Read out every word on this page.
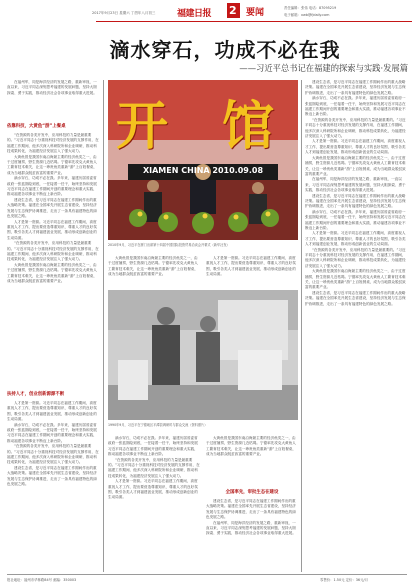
2017年9月23日 星期六 丁酉年八月初三 福建日报 2 要闻	责任编辑：张伟 电话：87095219
电子邮箱：xwb@fjdaily.com
滴水穿石，功成不必在我
——习近平总书记在福建的探索与实践·发展篇

在福州军，同是海洋经济的发展之路，重新审视，一直以来，习近平同志深刻思考福建的发展问题，坚持大胆探索、勇于实践，推动经济社会各项事业取得重大进展。

依靠科技，大黄鱼“游”上餐桌

“在资源的各类开发中，应用科技的力量是最重要的。”习近平同志十分重视科技对经济发展的支撑作用，在福建工作期间，他多次深入科研院所和企业调研，推动科技成果转化，为福建经济发展注入了强大动力。

大黄鱼曾是我国东南沿海最主要的经济鱼类之一，由于过度捕捞，野生资源几近枯竭。宁德率先攻克大黄鱼人工繁育技术难关，让这一珍贵鱼类重新“游”上百姓餐桌，成为当地群众脱贫致富的重要产业。

滴水穿石，功成不必在我。多年来，福建历届省委省政府一张蓝图绘到底，一任接着一任干，始终坚持和发展习近平同志在福建工作期间开创的重要理念和重大实践，推动福建各项事业不断迈上新台阶。

建设生态省，是习近平同志在福建工作期间作出的重大战略决策。福建在全国率先开展生态省建设，坚持经济发展与生态保护协调推进，走出了一条具有福建特色的绿色发展之路。

人才是第一资源。习近平同志在福建工作期间，高度重视人才工作，提出要营造尊重知识、尊重人才的良好氛围，吸引各类人才到福建创业发展，推动形成创新创业的生动局面。

“在资源的各类开发中，应用科技的力量是最重要的。”习近平同志十分重视科技对经济发展的支撑作用，在福建工作期间，他多次深入科研院所和企业调研，推动科技成果转化，为福建经济发展注入了强大动力。

大黄鱼曾是我国东南沿海最主要的经济鱼类之一，由于过度捕捞，野生资源几近枯竭。宁德率先攻克大黄鱼人工繁育技术难关，让这一珍贵鱼类重新“游”上百姓餐桌，成为当地群众脱贫致富的重要产业。

扶持人才，创业创新源源不断

人才是第一资源。习近平同志在福建工作期间，高度重视人才工作，提出要营造尊重知识、尊重人才的良好氛围，吸引各类人才到福建创业发展，推动形成创新创业的生动局面。

滴水穿石，功成不必在我。多年来，福建历届省委省政府一张蓝图绘到底，一任接着一任干，始终坚持和发展习近平同志在福建工作期间开创的重要理念和重大实践，推动福建各项事业不断迈上新台阶。

“在资源的各类开发中，应用科技的力量是最重要的。”习近平同志十分重视科技对经济发展的支撑作用，在福建工作期间，他多次深入科研院所和企业调研，推动科技成果转化，为福建经济发展注入了强大动力。

建设生态省，是习近平同志在福建工作期间作出的重大战略决策。福建在全国率先开展生态省建设，坚持经济发展与生态保护协调推进，走出了一条具有福建特色的绿色发展之路。

开 馆
XIAMEN CHINA 2010.09.08
2010年9月，习近平在厦门出席第十四届中国国际投资贸易洽谈会开幕式（新华社发）

建设生态省，是习近平同志在福建工作期间作出的重大战略决策。福建在全国率先开展生态省建设，坚持经济发展与生态保护协调推进，走出了一条具有福建特色的绿色发展之路。

滴水穿石，功成不必在我。多年来，福建历届省委省政府一张蓝图绘到底，一任接着一任干，始终坚持和发展习近平同志在福建工作期间开创的重要理念和重大实践，推动福建各项事业不断迈上新台阶。

“在资源的各类开发中，应用科技的力量是最重要的。”习近平同志十分重视科技对经济发展的支撑作用，在福建工作期间，他多次深入科研院所和企业调研，推动科技成果转化，为福建经济发展注入了强大动力。

人才是第一资源。习近平同志在福建工作期间，高度重视人才工作，提出要营造尊重知识、尊重人才的良好氛围，吸引各类人才到福建创业发展，推动形成创新创业的生动局面。

大黄鱼曾是我国东南沿海最主要的经济鱼类之一，由于过度捕捞，野生资源几近枯竭。宁德率先攻克大黄鱼人工繁育技术难关，让这一珍贵鱼类重新“游”上百姓餐桌，成为当地群众脱贫致富的重要产业。

在福州军，同是海洋经济的发展之路，重新审视，一直以来，习近平同志深刻思考福建的发展问题，坚持大胆探索、勇于实践，推动经济社会各项事业取得重大进展。

建设生态省，是习近平同志在福建工作期间作出的重大战略决策。福建在全国率先开展生态省建设，坚持经济发展与生态保护协调推进，走出了一条具有福建特色的绿色发展之路。

滴水穿石，功成不必在我。多年来，福建历届省委省政府一张蓝图绘到底，一任接着一任干，始终坚持和发展习近平同志在福建工作期间开创的重要理念和重大实践，推动福建各项事业不断迈上新台阶。

人才是第一资源。习近平同志在福建工作期间，高度重视人才工作，提出要营造尊重知识、尊重人才的良好氛围，吸引各类人才到福建创业发展，推动形成创新创业的生动局面。

“在资源的各类开发中，应用科技的力量是最重要的。”习近平同志十分重视科技对经济发展的支撑作用，在福建工作期间，他多次深入科研院所和企业调研，推动科技成果转化，为福建经济发展注入了强大动力。

大黄鱼曾是我国东南沿海最主要的经济鱼类之一，由于过度捕捞，野生资源几近枯竭。宁德率先攻克大黄鱼人工繁育技术难关，让这一珍贵鱼类重新“游”上百姓餐桌，成为当地群众脱贫致富的重要产业。

建设生态省，是习近平同志在福建工作期间作出的重大战略决策。福建在全国率先开展生态省建设，坚持经济发展与生态保护协调推进，走出了一条具有福建特色的绿色发展之路。

大黄鱼曾是我国东南沿海最主要的经济鱼类之一，由于过度捕捞，野生资源几近枯竭。宁德率先攻克大黄鱼人工繁育技术难关，让这一珍贵鱼类重新“游”上百姓餐桌，成为当地群众脱贫致富的重要产业。

人才是第一资源。习近平同志在福建工作期间，高度重视人才工作，提出要营造尊重知识、尊重人才的良好氛围，吸引各类人才到福建创业发展，推动形成创新创业的生动局面。

1990年9月，习近平在宁德地区平潭县调研时与群众交流（资料照片）

滴水穿石，功成不必在我。多年来，福建历届省委省政府一张蓝图绘到底，一任接着一任干，始终坚持和发展习近平同志在福建工作期间开创的重要理念和重大实践，推动福建各项事业不断迈上新台阶。

“在资源的各类开发中，应用科技的力量是最重要的。”习近平同志十分重视科技对经济发展的支撑作用，在福建工作期间，他多次深入科研院所和企业调研，推动科技成果转化，为福建经济发展注入了强大动力。

人才是第一资源。习近平同志在福建工作期间，高度重视人才工作，提出要营造尊重知识、尊重人才的良好氛围，吸引各类人才到福建创业发展，推动形成创新创业的生动局面。

大黄鱼曾是我国东南沿海最主要的经济鱼类之一，由于过度捕捞，野生资源几近枯竭。宁德率先攻克大黄鱼人工繁育技术难关，让这一珍贵鱼类重新“游”上百姓餐桌，成为当地群众脱贫致富的重要产业。

全国率先，审批生态在建设

建设生态省，是习近平同志在福建工作期间作出的重大战略决策。福建在全国率先开展生态省建设，坚持经济发展与生态保护协调推进，走出了一条具有福建特色的绿色发展之路。

在福州军，同是海洋经济的发展之路，重新审视，一直以来，习近平同志深刻思考福建的发展问题，坚持大胆探索、勇于实践，推动经济社会各项事业取得重大进展。

报社地址：福州市华林路84号 邮编：350003	零售价：1.50元 定价：36元/月
